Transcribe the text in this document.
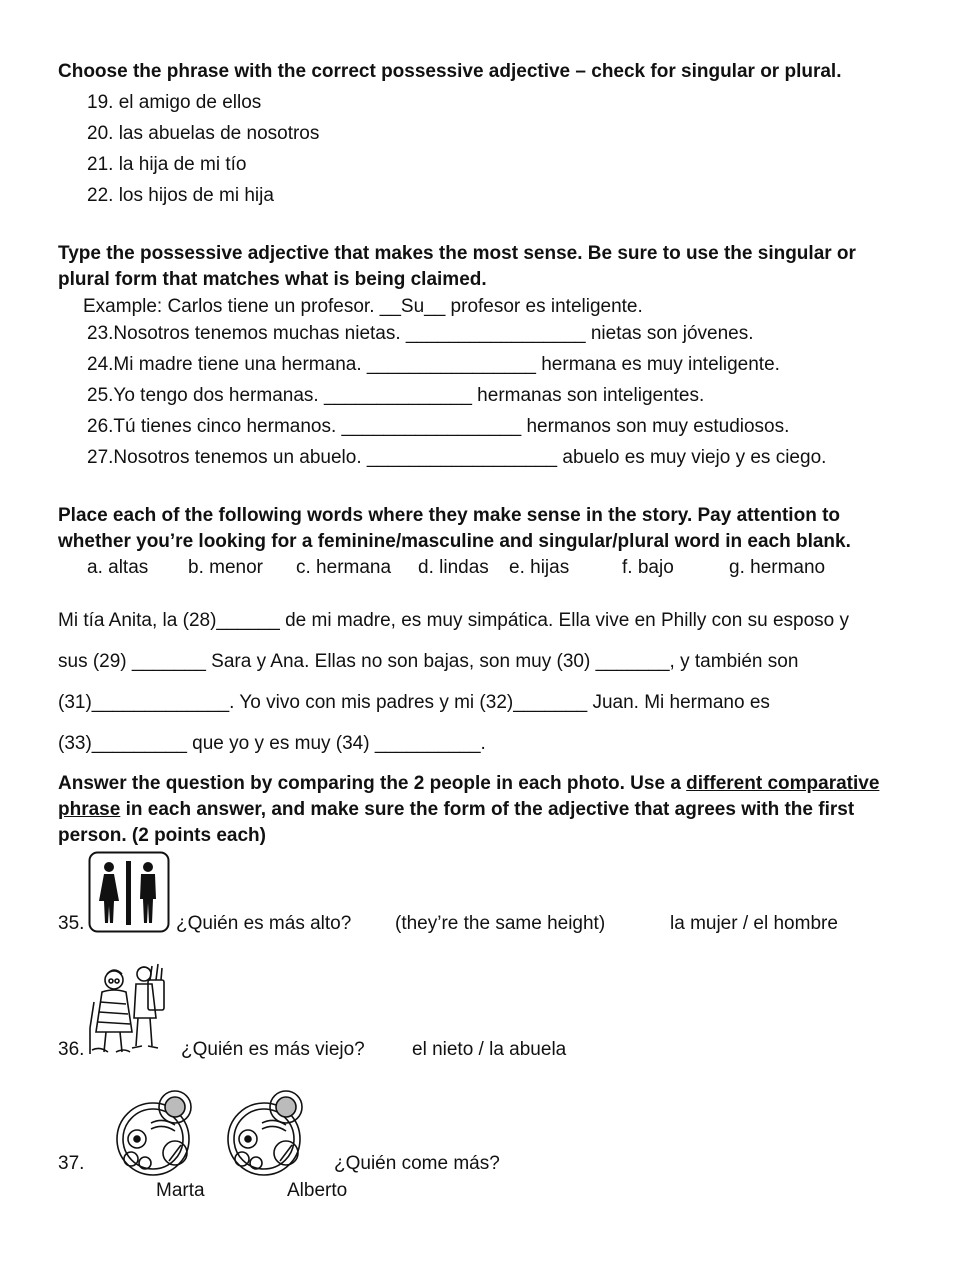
Choose the phrase with the correct possessive adjective – check for singular or plural.
19. el amigo de ellos
20. las abuelas de nosotros
21. la hija de mi tío
22. los hijos de mi hija
Type the possessive adjective that makes the most sense. Be sure to use the singular or
plural form that matches what is being claimed.
Example: Carlos tiene un profesor. __Su__ profesor es inteligente.
23.Nosotros tenemos muchas nietas. _________________ nietas son jóvenes.
24.Mi madre tiene una hermana. ________________ hermana es muy inteligente.
25.Yo tengo dos hermanas. ______________ hermanas son inteligentes.
26.Tú tienes cinco hermanos. _________________ hermanos son muy estudiosos.
27.Nosotros tenemos un abuelo. __________________ abuelo es muy viejo y es ciego.
Place each of the following words where they make sense in the story. Pay attention to
whether you’re looking for a feminine/masculine and singular/plural word in each blank.
a. altas b. menor c. hermana d. lindas e. hijas	f. bajo	g. hermano
Mi tía Anita, la (28)______ de mi madre, es muy simpática. Ella vive en Philly con su esposo y
sus (29) _______ Sara y Ana. Ellas no son bajas, son muy (30) _______, y también son
(31)_____________. Yo vivo con mis padres y mi (32)_______ Juan. Mi hermano es
(33)_________ que yo y es muy (34) __________.
Answer the question by comparing the 2 people in each photo. Use a different comparative
phrase in each answer, and make sure the form of the adjective that agrees with the first
person. (2 points each)
35.	¿Quién es más alto? (they’re the same height)	la mujer / el hombre
36.	¿Quién es más viejo? el nieto / la abuela
37.	¿Quién come más?
Marta	Alberto
